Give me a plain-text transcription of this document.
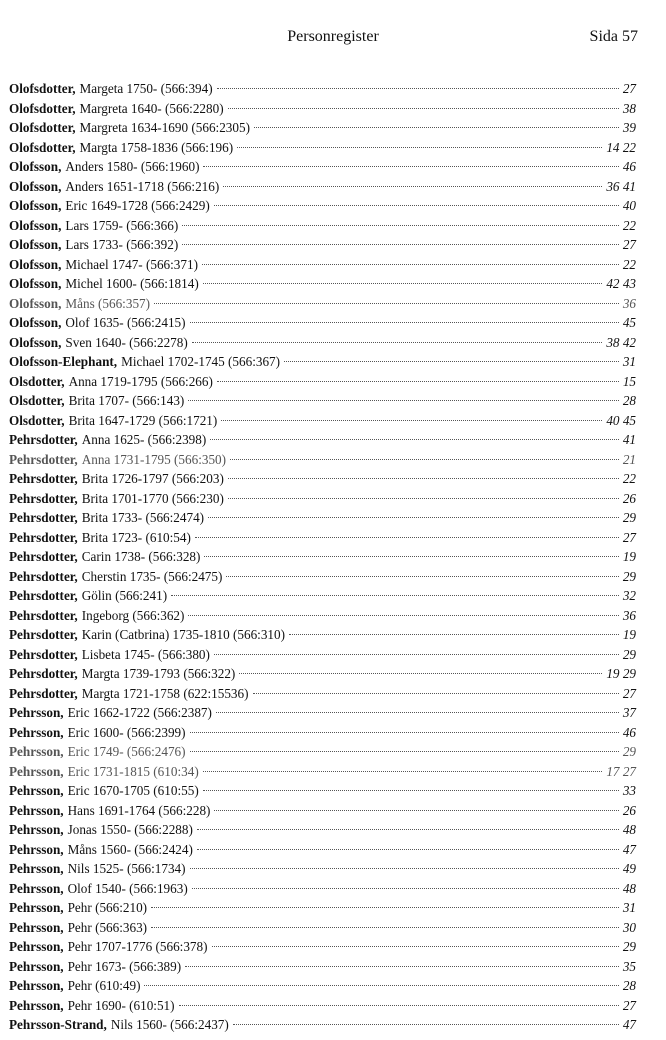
Personregister	Sida 57
Olofsdotter, Margeta 1750- (566:394)	27
Olofsdotter, Margreta 1640- (566:2280)	38
Olofsdotter, Margreta 1634-1690 (566:2305)	39
Olofsdotter, Margta 1758-1836 (566:196)	14 22
Olofsson, Anders 1580- (566:1960)	46
Olofsson, Anders 1651-1718 (566:216)	36 41
Olofsson, Eric 1649-1728 (566:2429)	40
Olofsson, Lars 1759- (566:366)	22
Olofsson, Lars 1733- (566:392)	27
Olofsson, Michael 1747- (566:371)	22
Olofsson, Michel 1600- (566:1814)	42 43
Olofsson, Måns (566:357)	36
Olofsson, Olof 1635- (566:2415)	45
Olofsson, Sven 1640- (566:2278)	38 42
Olofsson-Elephant, Michael 1702-1745 (566:367)	31
Olsdotter, Anna 1719-1795 (566:266)	15
Olsdotter, Brita 1707- (566:143)	28
Olsdotter, Brita 1647-1729 (566:1721)	40 45
Pehrsdotter, Anna 1625- (566:2398)	41
Pehrsdotter, Anna 1731-1795 (566:350)	21
Pehrsdotter, Brita 1726-1797 (566:203)	22
Pehrsdotter, Brita 1701-1770 (566:230)	26
Pehrsdotter, Brita 1733- (566:2474)	29
Pehrsdotter, Brita 1723- (610:54)	27
Pehrsdotter, Carin 1738- (566:328)	19
Pehrsdotter, Cherstin 1735- (566:2475)	29
Pehrsdotter, Gölin (566:241)	32
Pehrsdotter, Ingeborg (566:362)	36
Pehrsdotter, Karin (Catbrina) 1735-1810 (566:310)	19
Pehrsdotter, Lisbeta 1745- (566:380)	29
Pehrsdotter, Margta 1739-1793 (566:322)	19 29
Pehrsdotter, Margta 1721-1758 (622:15536)	27
Pehrsson, Eric 1662-1722 (566:2387)	37
Pehrsson, Eric 1600- (566:2399)	46
Pehrsson, Eric 1749- (566:2476)	29
Pehrsson, Eric 1731-1815 (610:34)	17 27
Pehrsson, Eric 1670-1705 (610:55)	33
Pehrsson, Hans 1691-1764 (566:228)	26
Pehrsson, Jonas 1550- (566:2288)	48
Pehrsson, Måns 1560- (566:2424)	47
Pehrsson, Nils 1525- (566:1734)	49
Pehrsson, Olof 1540- (566:1963)	48
Pehrsson, Pehr (566:210)	31
Pehrsson, Pehr (566:363)	30
Pehrsson, Pehr 1707-1776 (566:378)	29
Pehrsson, Pehr 1673- (566:389)	35
Pehrsson, Pehr (610:49)	28
Pehrsson, Pehr 1690- (610:51)	27
Pehrsson-Strand, Nils 1560- (566:2437)	47
